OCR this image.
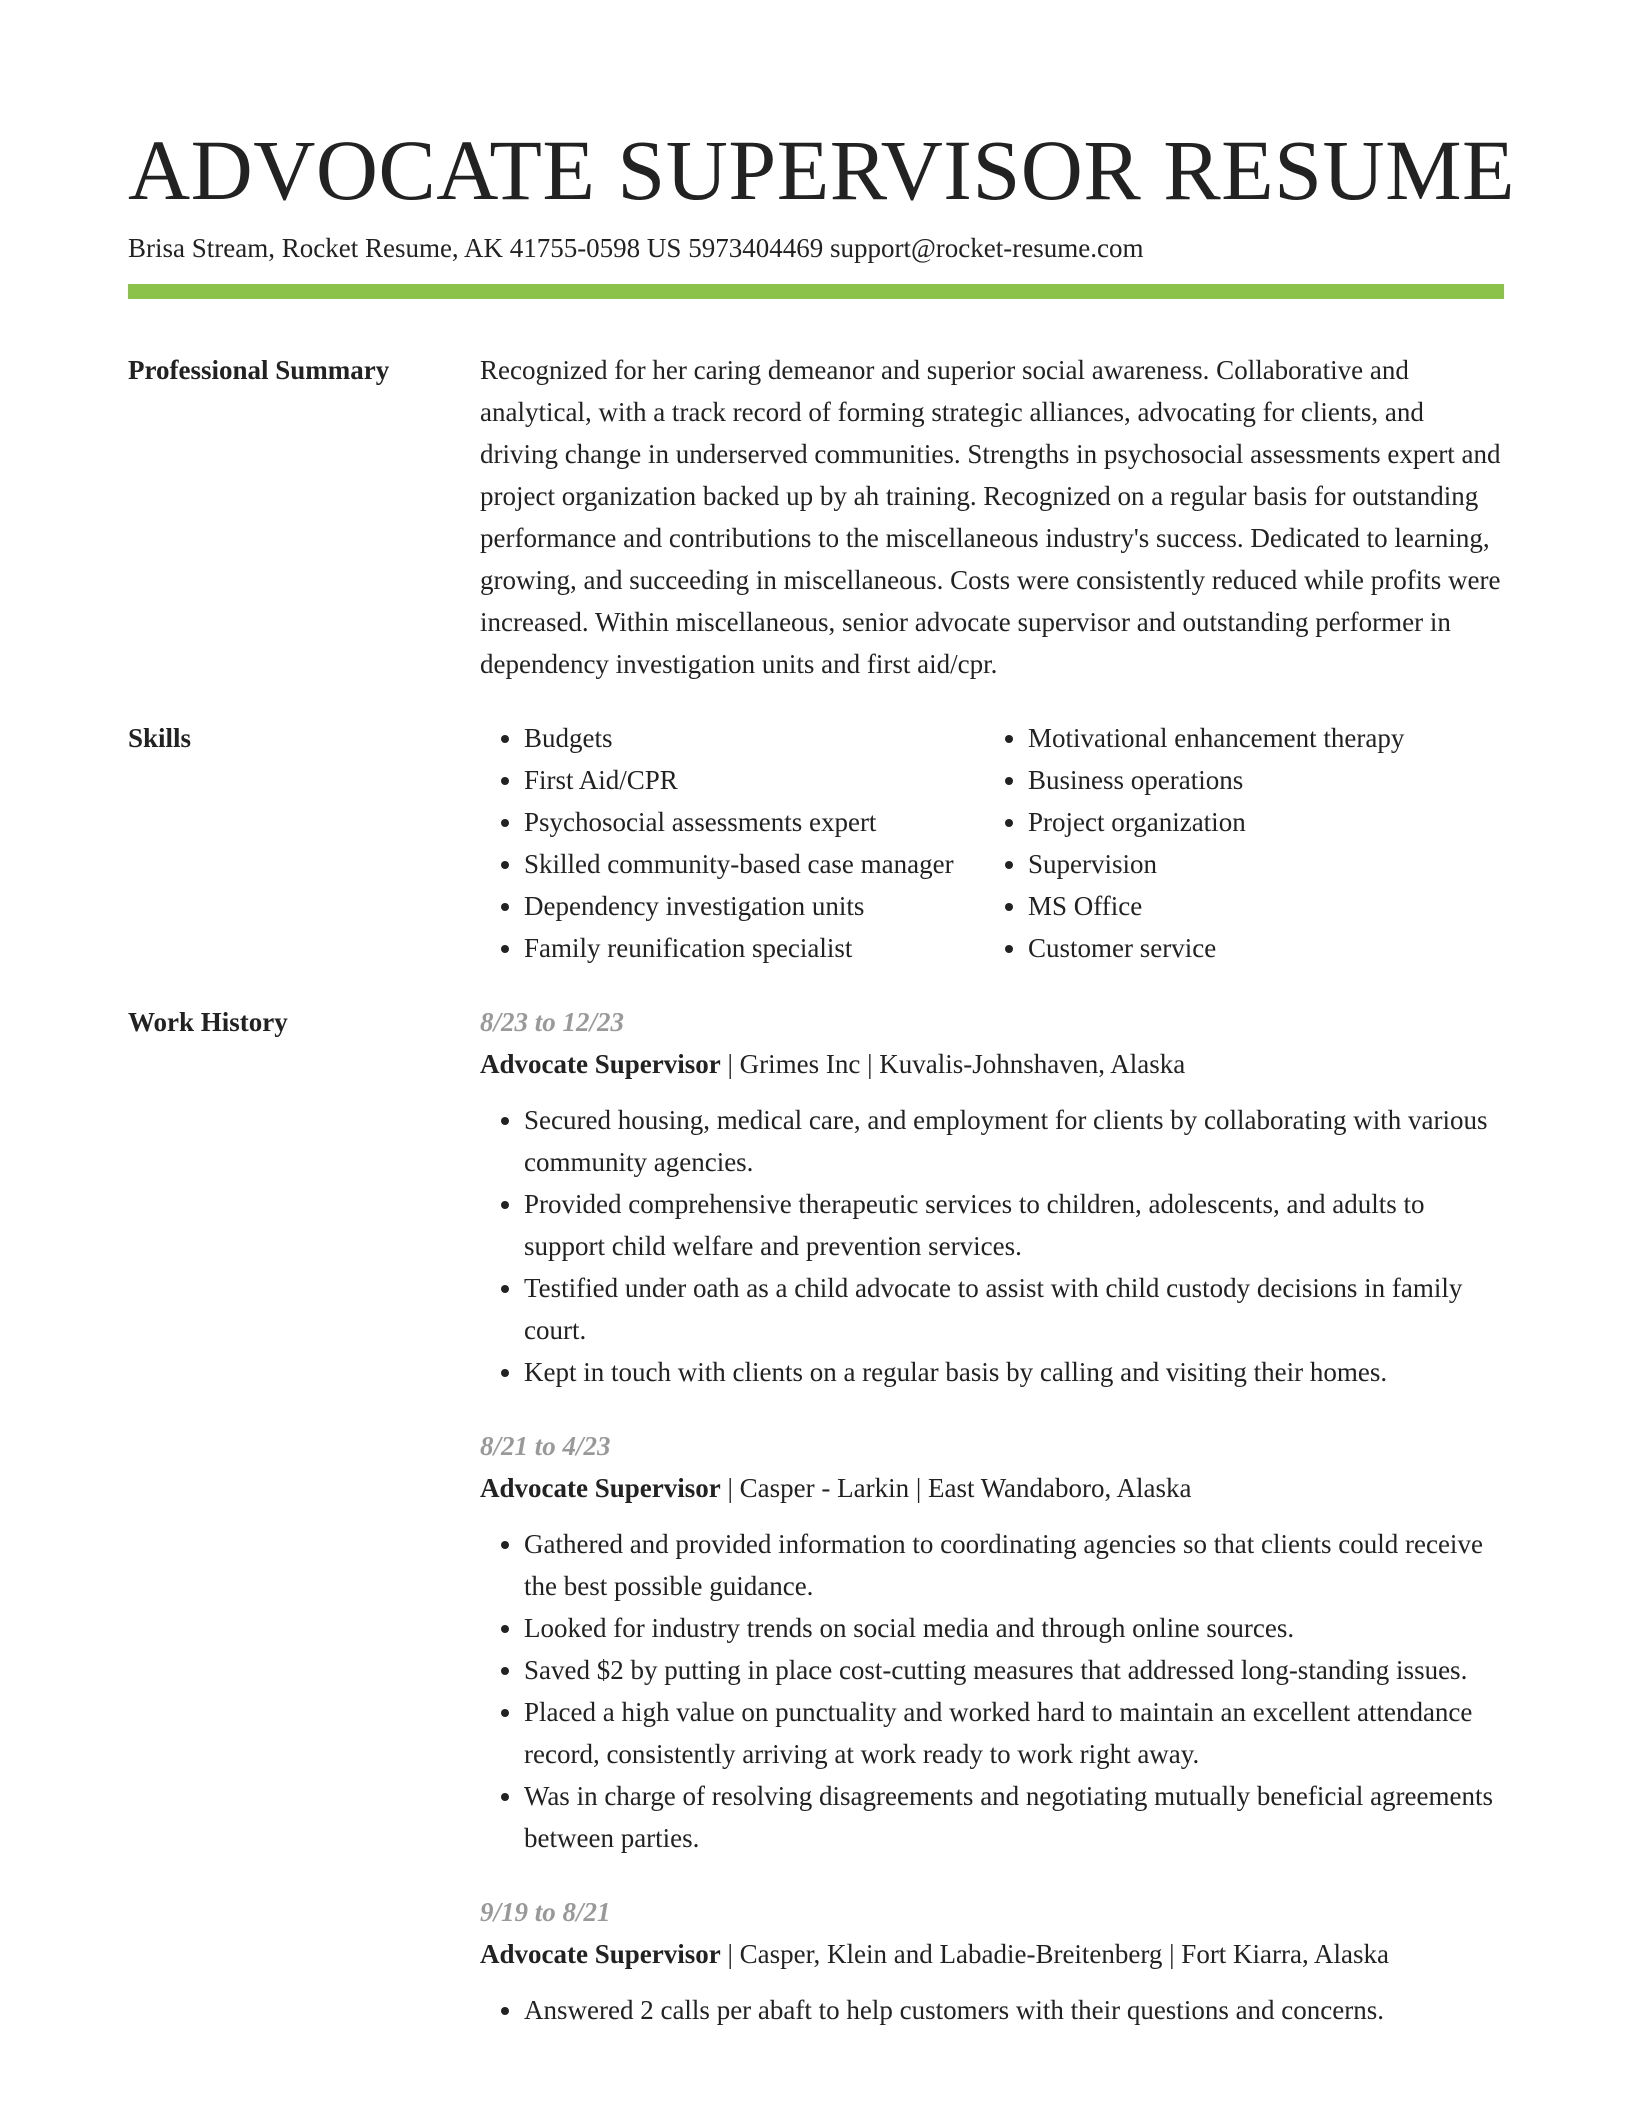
ADVOCATE SUPERVISOR RESUME
Brisa Stream, Rocket Resume, AK 41755-0598 US 5973404469 support@rocket-resume.com
Professional Summary	Recognized for her caring demeanor and superior social awareness. Collaborative and analytical, with a track record of forming strategic alliances, advocating for clients, and driving change in underserved communities. Strengths in psychosocial assessments expert and project organization backed up by ah training. Recognized on a regular basis for outstanding performance and contributions to the miscellaneous industry's success. Dedicated to learning, growing, and succeeding in miscellaneous. Costs were consistently reduced while profits were increased. Within miscellaneous, senior advocate supervisor and outstanding performer in dependency investigation units and first aid/cpr.

Skills
•	Budgets
• First Aid/CPR
• Psychosocial assessments expert
• Skilled community-based case manager
• Dependency investigation units
• Family reunification specialist
• Motivational enhancement therapy
• Business operations
• Project organization
• Supervision
• MS Office
• Customer service
Work History	8/23 to 12/23
Advocate Supervisor | Grimes Inc | Kuvalis-Johnshaven, Alaska
• Secured housing, medical care, and employment for clients by collaborating with various community agencies.
• Provided comprehensive therapeutic services to children, adolescents, and adults to support child welfare and prevention services.
• Testified under oath as a child advocate to assist with child custody decisions in family court.
• Kept in touch with clients on a regular basis by calling and visiting their homes.
8/21 to 4/23
Advocate Supervisor | Casper - Larkin | East Wandaboro, Alaska
• Gathered and provided information to coordinating agencies so that clients could receive the best possible guidance.
• Looked for industry trends on social media and through online sources.
• Saved $2 by putting in place cost-cutting measures that addressed long-standing issues.
• Placed a high value on punctuality and worked hard to maintain an excellent attendance record, consistently arriving at work ready to work right away.
• Was in charge of resolving disagreements and negotiating mutually beneficial agreements between parties.
9/19 to 8/21
Advocate Supervisor | Casper, Klein and Labadie-Breitenberg | Fort Kiarra, Alaska
• Answered 2 calls per abaft to help customers with their questions and concerns.
